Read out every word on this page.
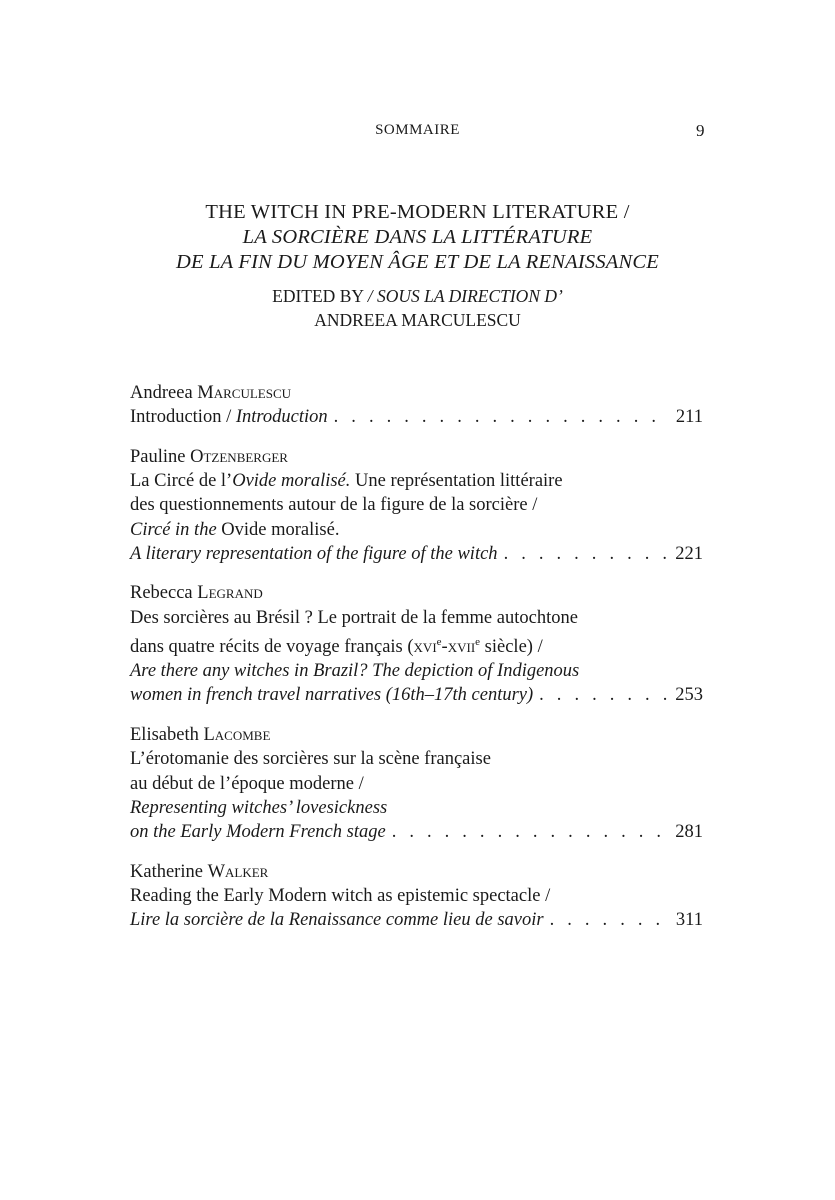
SOMMAIRE	9
THE WITCH IN PRE-MODERN LITERATURE /
LA SORCIÈRE DANS LA LITTÉRATURE
DE LA FIN DU MOYEN ÂGE ET DE LA RENAISSANCE
EDITED BY / SOUS LA DIRECTION D’
ANDREEA MARCULESCU
Andreea Marculescu
Introduction / Introduction . . .	211
Pauline Otzenberger
La Circé de l’Ovide moralisé. Une représentation littéraire
des questionnements autour de la figure de la sorcière /
Circé in the Ovide moralisé.
A literary representation of the figure of the witch . . .	221
Rebecca Legrand
Des sorcières au Brésil ? Le portrait de la femme autochtone
dans quatre récits de voyage français (xvi$^e$-xvii$^e$ siècle) /
Are there any witches in Brazil? The depiction of Indigenous
women in french travel narratives (16th–17th century) . . .	253
Elisabeth Lacombe
L’érotomanie des sorcières sur la scène française
au début de l’époque moderne /
Representing witches’ lovesickness
on the Early Modern French stage . . .	281
Katherine Walker
Reading the Early Modern witch as epistemic spectacle /
Lire la sorcière de la Renaissance comme lieu de savoir . . .	311
